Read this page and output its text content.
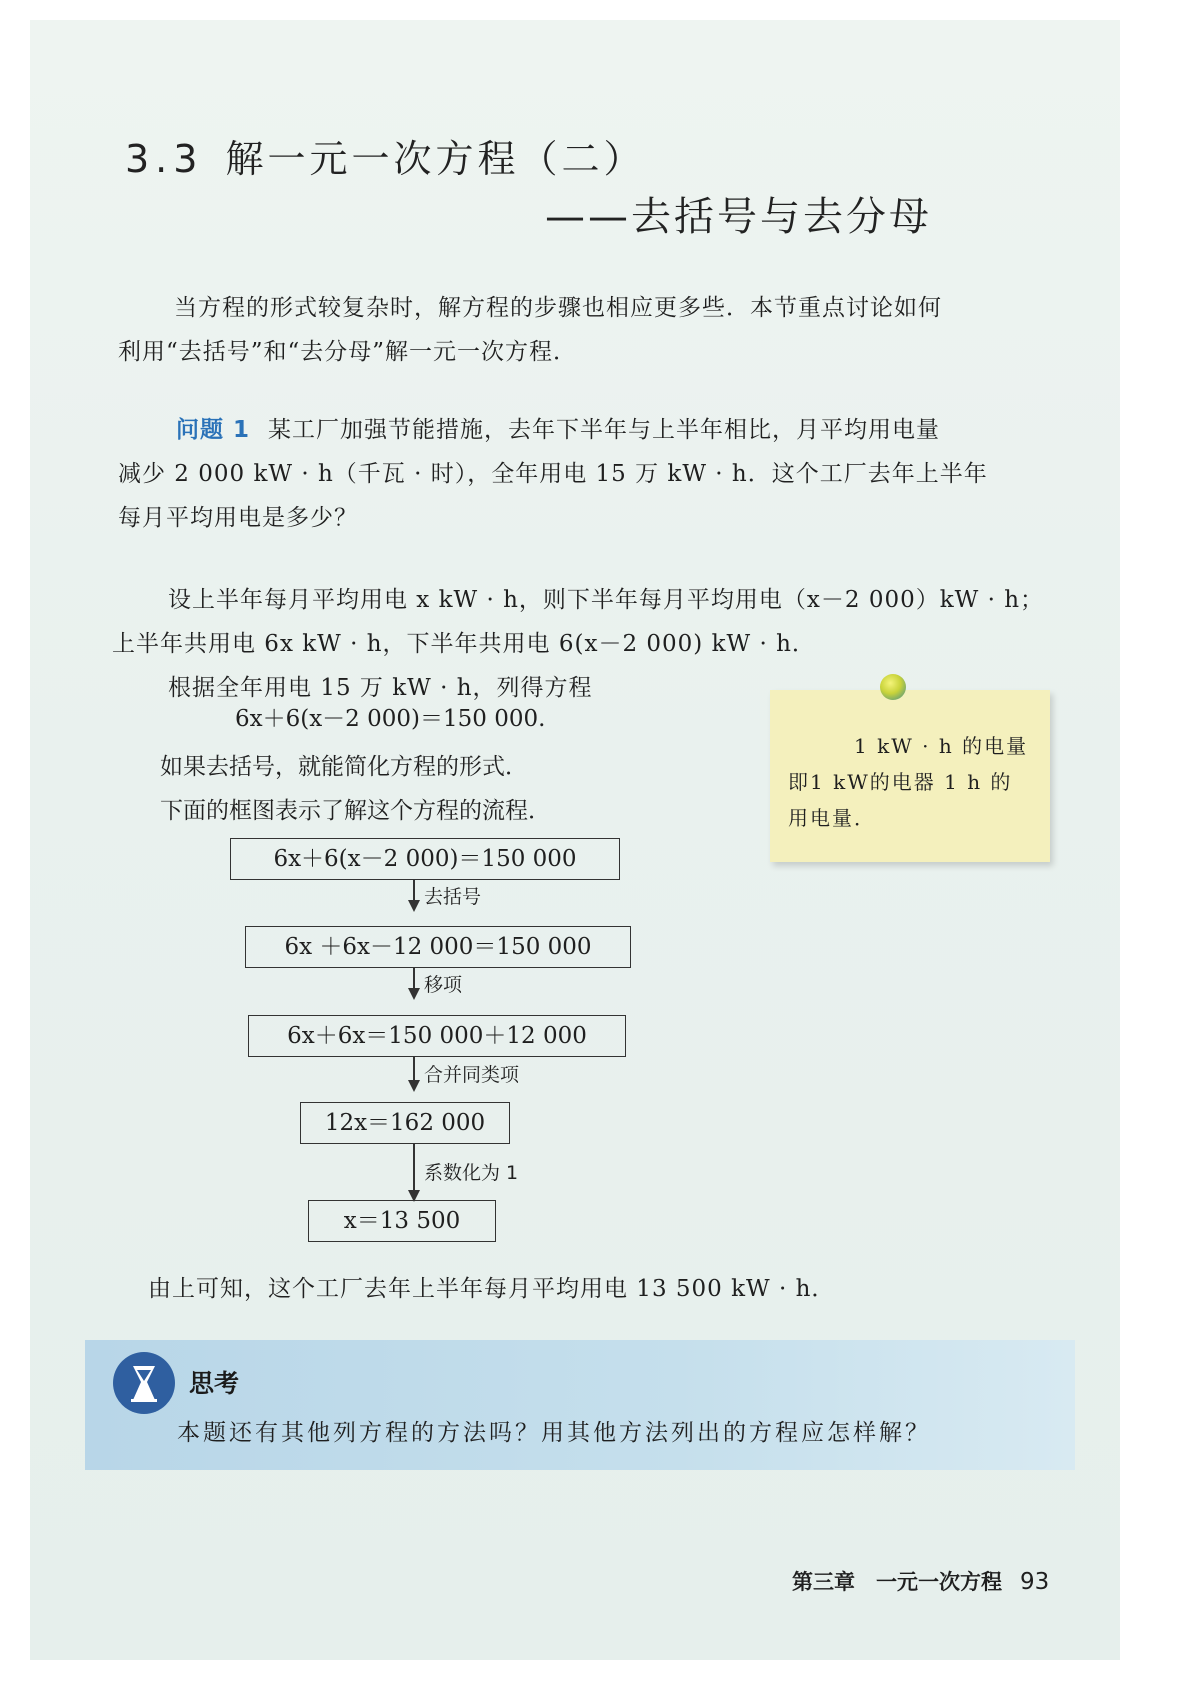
3.3 解一元一次方程（二）
——去括号与去分母
当方程的形式较复杂时，解方程的步骤也相应更多些．本节重点讨论如何
利用“去括号”和“去分母”解一元一次方程．
问题 1 某工厂加强节能措施，去年下半年与上半年相比，月平均用电量
减少 2 000 kW · h（千瓦 · 时），全年用电 15 万 kW · h．这个工厂去年上半年
每月平均用电是多少？
设上半年每月平均用电 x kW · h，则下半年每月平均用电（x－2 000）kW · h；
上半年共用电 6x kW · h，下半年共用电 6(x－2 000) kW · h．
根据全年用电 15 万 kW · h，列得方程
6x＋6(x－2 000)＝150 000.
如果去括号，就能简化方程的形式．
下面的框图表示了解这个方程的流程．
1 kW · h 的电量
即1 kW的电器 1 h 的
用电量．
6x＋6(x－2 000)＝150 000
去括号
6x ＋6x－12 000＝150 000
移项
6x＋6x＝150 000＋12 000
合并同类项
12x＝162 000
系数化为 1
x＝13 500
由上可知，这个工厂去年上半年每月平均用电 13 500 kW · h．
思考
本题还有其他列方程的方法吗？用其他方法列出的方程应怎样解？
第三章　一元一次方程 93
